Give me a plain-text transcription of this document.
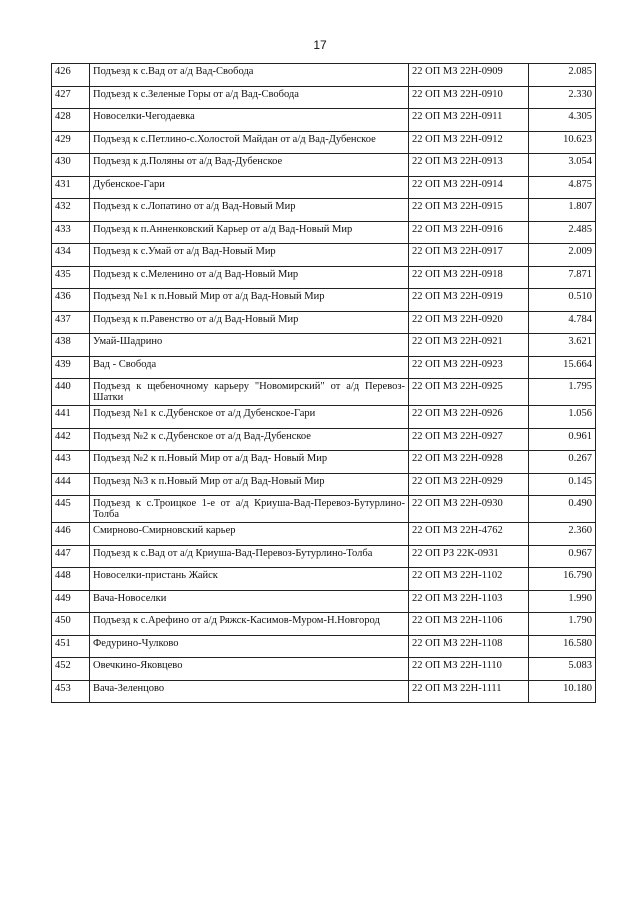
17
426	Подъезд к с.Вад от а/д Вад-Свобода	22 ОП МЗ 22Н-0909	2.085
427	Подъезд к с.Зеленые Горы от а/д Вад-Свобода	22 ОП МЗ 22Н-0910	2.330
428	Новоселки-Чегодаевка	22 ОП МЗ 22Н-0911	4.305
429	Подъезд к с.Петлино-с.Холостой Майдан от а/д Вад-Дубенское	22 ОП МЗ 22Н-0912	10.623
430	Подъезд к д.Поляны от а/д Вад-Дубенское	22 ОП МЗ 22Н-0913	3.054
431	Дубенское-Гари	22 ОП МЗ 22Н-0914	4.875
432	Подъезд к с.Лопатино от а/д Вад-Новый Мир	22 ОП МЗ 22Н-0915	1.807
433	Подъезд к п.Анненковский Карьер от а/д Вад-Новый Мир	22 ОП МЗ 22Н-0916	2.485
434	Подъезд к с.Умай от а/д Вад-Новый Мир	22 ОП МЗ 22Н-0917	2.009
435	Подъезд к с.Меленино от а/д Вад-Новый Мир	22 ОП МЗ 22Н-0918	7.871
436	Подъезд №1 к п.Новый Мир от а/д Вад-Новый Мир	22 ОП МЗ 22Н-0919	0.510
437	Подъезд к п.Равенство от а/д Вад-Новый Мир	22 ОП МЗ 22Н-0920	4.784
438	Умай-Шадрино	22 ОП МЗ 22Н-0921	3.621
439	Вад - Свобода	22 ОП МЗ 22Н-0923	15.664
440	Подъезд к щебеночному карьеру "Новомирский" от а/д Перевоз-Шатки	22 ОП МЗ 22Н-0925	1.795
441	Подъезд №1 к с.Дубенское от а/д Дубенское-Гари	22 ОП МЗ 22Н-0926	1.056
442	Подъезд №2 к с.Дубенское от а/д Вад-Дубенское	22 ОП МЗ 22Н-0927	0.961
443	Подъезд №2 к п.Новый Мир от а/д Вад- Новый Мир	22 ОП МЗ 22Н-0928	0.267
444	Подъезд №3 к п.Новый Мир от а/д Вад-Новый Мир	22 ОП МЗ 22Н-0929	0.145
445	Подъезд к с.Троицкое 1-е от а/д Криуша-Вад-Перевоз-Бутурлино-Толба	22 ОП МЗ 22Н-0930	0.490
446	Смирново-Смирновский карьер	22 ОП МЗ 22Н-4762	2.360
447	Подъезд к с.Вад от а/д Криуша-Вад-Перевоз-Бутурлино-Толба	22 ОП РЗ 22К-0931	0.967
448	Новоселки-пристань Жайск	22 ОП МЗ 22Н-1102	16.790
449	Вача-Новоселки	22 ОП МЗ 22Н-1103	1.990
450	Подъезд к с.Арефино от а/д Ряжск-Касимов-Муром-Н.Новгород	22 ОП МЗ 22Н-1106	1.790
451	Федурино-Чулково	22 ОП МЗ 22Н-1108	16.580
452	Овечкино-Яковцево	22 ОП МЗ 22Н-1110	5.083
453	Вача-Зеленцово	22 ОП МЗ 22Н-1111	10.180
